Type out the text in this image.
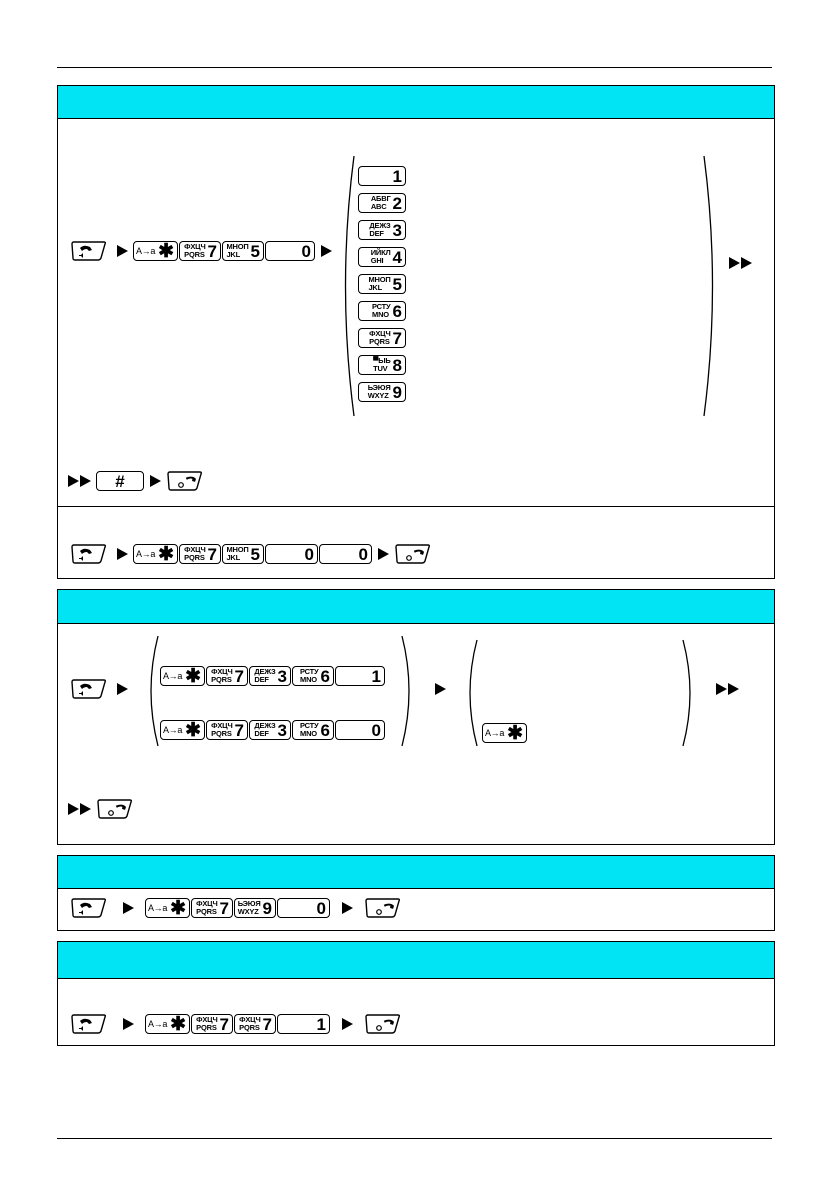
A→a ✱ ФХЦЧ
PQRS 7 МНОП
JKL 5 0
1
АБВГ
ABC 2
ДЕЖЗ
DEF 3
ИЙКЛ
GHI 4
МНОП
JKL 5
РСТУ
MNO 6
ФХЦЧ
PQRS 7
▀ЫЬ
TUV 8
ЬЭЮЯ
WXYZ 9
#
A→a ✱ ФХЦЧ
PQRS 7 МНОП
JKL 5	0	0
A→a ✱ ФХЦЧ
PQRS 7 ДЕЖЗ
DEF 3 РСТУ
MNO 6 1
A→a ✱ ФХЦЧ
PQRS 7 ДЕЖЗ
DEF 3 РСТУ
MNO 6 0	A→a ✱
A→a ✱ ФХЦЧ
PQRS 7 ЬЭЮЯ
WXYZ 9	0
A→a ✱ ФХЦЧ
PQRS 7 ФХЦЧ
PQRS 7	1
